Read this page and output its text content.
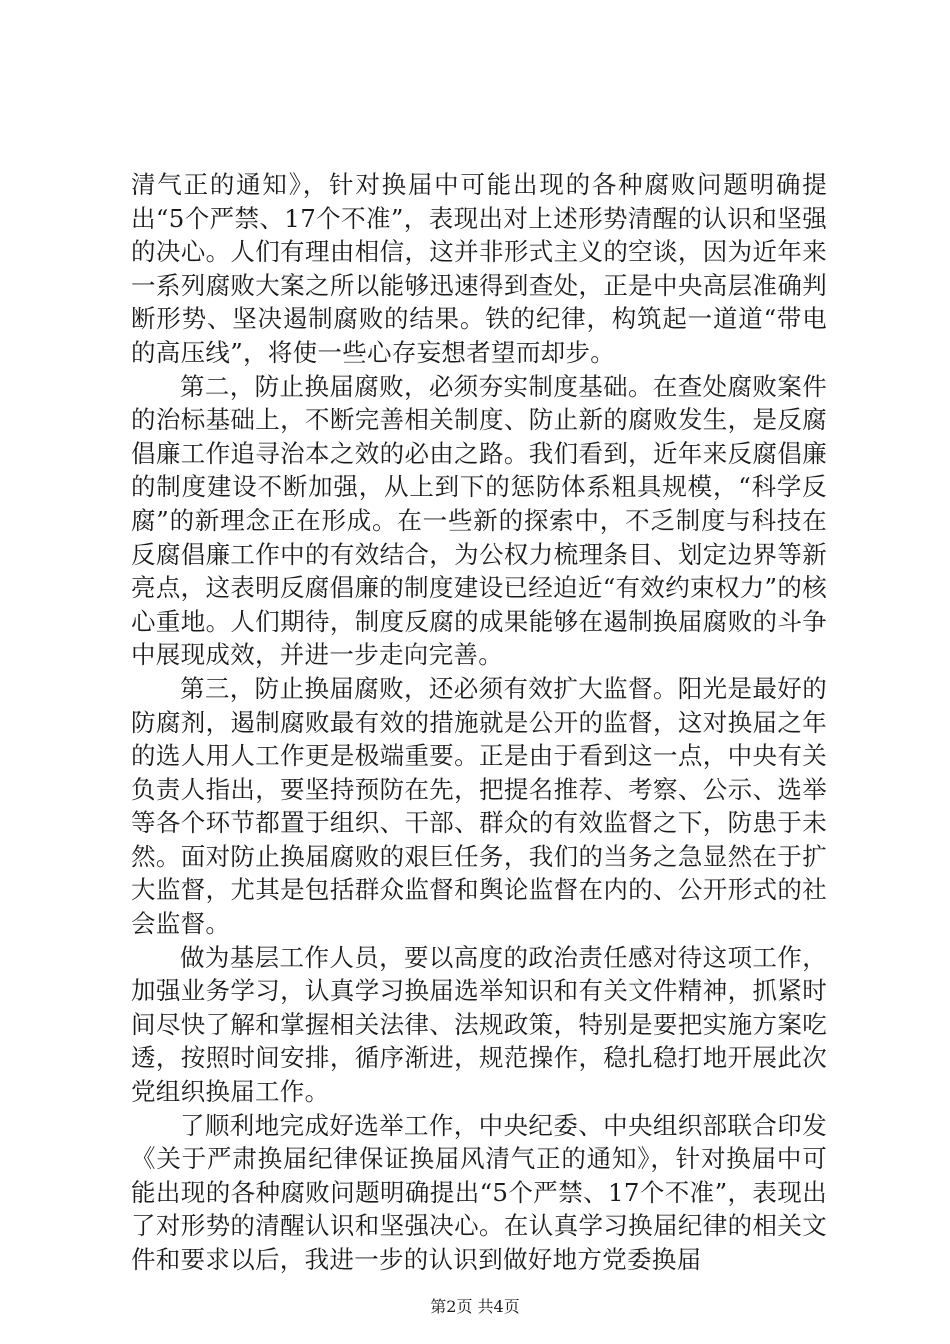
清气正的通知》，针对换届中可能出现的各种腐败问题明确提出“5个严禁、17个不准”，表现出对上述形势清醒的认识和坚强的决心。人们有理由相信，这并非形式主义的空谈，因为近年来一系列腐败大案之所以能够迅速得到查处，正是中央高层准确判断形势、坚决遏制腐败的结果。铁的纪律，构筑起一道道“带电的高压线”，将使一些心存妄想者望而却步。

第二，防止换届腐败，必须夯实制度基础。在查处腐败案件的治标基础上，不断完善相关制度、防止新的腐败发生，是反腐倡廉工作追寻治本之效的必由之路。我们看到，近年来反腐倡廉的制度建设不断加强，从上到下的惩防体系粗具规模，“科学反腐”的新理念正在形成。在一些新的探索中，不乏制度与科技在反腐倡廉工作中的有效结合，为公权力梳理条目、划定边界等新亮点，这表明反腐倡廉的制度建设已经迫近“有效约束权力”的核心重地。人们期待，制度反腐的成果能够在遏制换届腐败的斗争中展现成效，并进一步走向完善。

第三，防止换届腐败，还必须有效扩大监督。阳光是最好的防腐剂，遏制腐败最有效的措施就是公开的监督，这对换届之年的选人用人工作更是极端重要。正是由于看到这一点，中央有关负责人指出，要坚持预防在先，把提名推荐、考察、公示、选举等各个环节都置于组织、干部、群众的有效监督之下，防患于未然。面对防止换届腐败的艰巨任务，我们的当务之急显然在于扩大监督，尤其是包括群众监督和舆论监督在内的、公开形式的社会监督。

做为基层工作人员，要以高度的政治责任感对待这项工作，加强业务学习，认真学习换届选举知识和有关文件精神，抓紧时间尽快了解和掌握相关法律、法规政策，特别是要把实施方案吃透，按照时间安排，循序渐进，规范操作，稳扎稳打地开展此次党组织换届工作。

了顺利地完成好选举工作，中央纪委、中央组织部联合印发《关于严肃换届纪律保证换届风清气正的通知》，针对换届中可能出现的各种腐败问题明确提出“5个严禁、17个不准”，表现出了对形势的清醒认识和坚强决心。在认真学习换届纪律的相关文件和要求以后，我进一步的认识到做好地方党委换届

第2页 共4页
